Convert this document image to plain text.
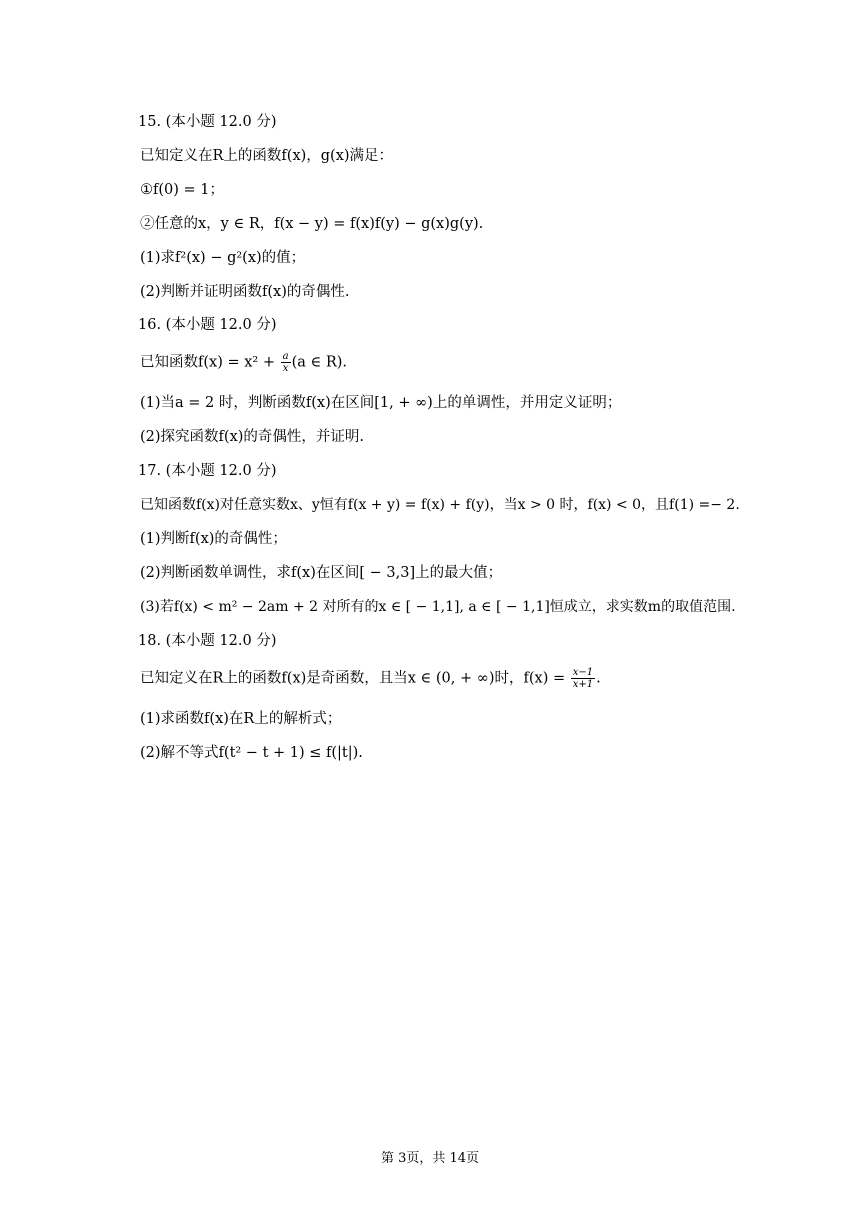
15. (本小题 12.0 分)
已知定义在R上的函数f(x)，g(x)满足：
①f(0) = 1；
②任意的x，y ∈ R，f(x − y) = f(x)f(y) − g(x)g(y).
(1)求f²(x) − g²(x)的值；
(2)判断并证明函数f(x)的奇偶性.
16. (本小题 12.0 分)
已知函数$f(x) = x^2 + \frac{a}{x} (a$ ∈ R).
(1)当a = 2 时，判断函数f(x)在区间[1, + ∞)上的单调性，并用定义证明；
(2)探究函数f(x)的奇偶性，并证明.
17. (本小题 12.0 分)
已知函数f(x)对任意实数x、y恒有f(x + y) = f(x) + f(y)，当x > 0 时，f(x) < 0，且f(1) =− 2.
(1)判断f(x)的奇偶性；
(2)判断函数单调性，求f(x)在区间[ − 3,3]上的最大值；
(3)若f(x) < m² − 2am + 2 对所有的x ∈ [ − 1,1], a ∈ [ − 1,1]恒成立，求实数m的取值范围.
18. (本小题 12.0 分)
已知定义在R上的函数f(x)是奇函数，且当x ∈ (0, + ∞)时，$f(x) = \frac{x-1}{x+1}$ .
(1)求函数f(x)在R上的解析式；
(2)解不等式f(t² − t + 1) ≤ f(|t|).
第 3页，共 14页
